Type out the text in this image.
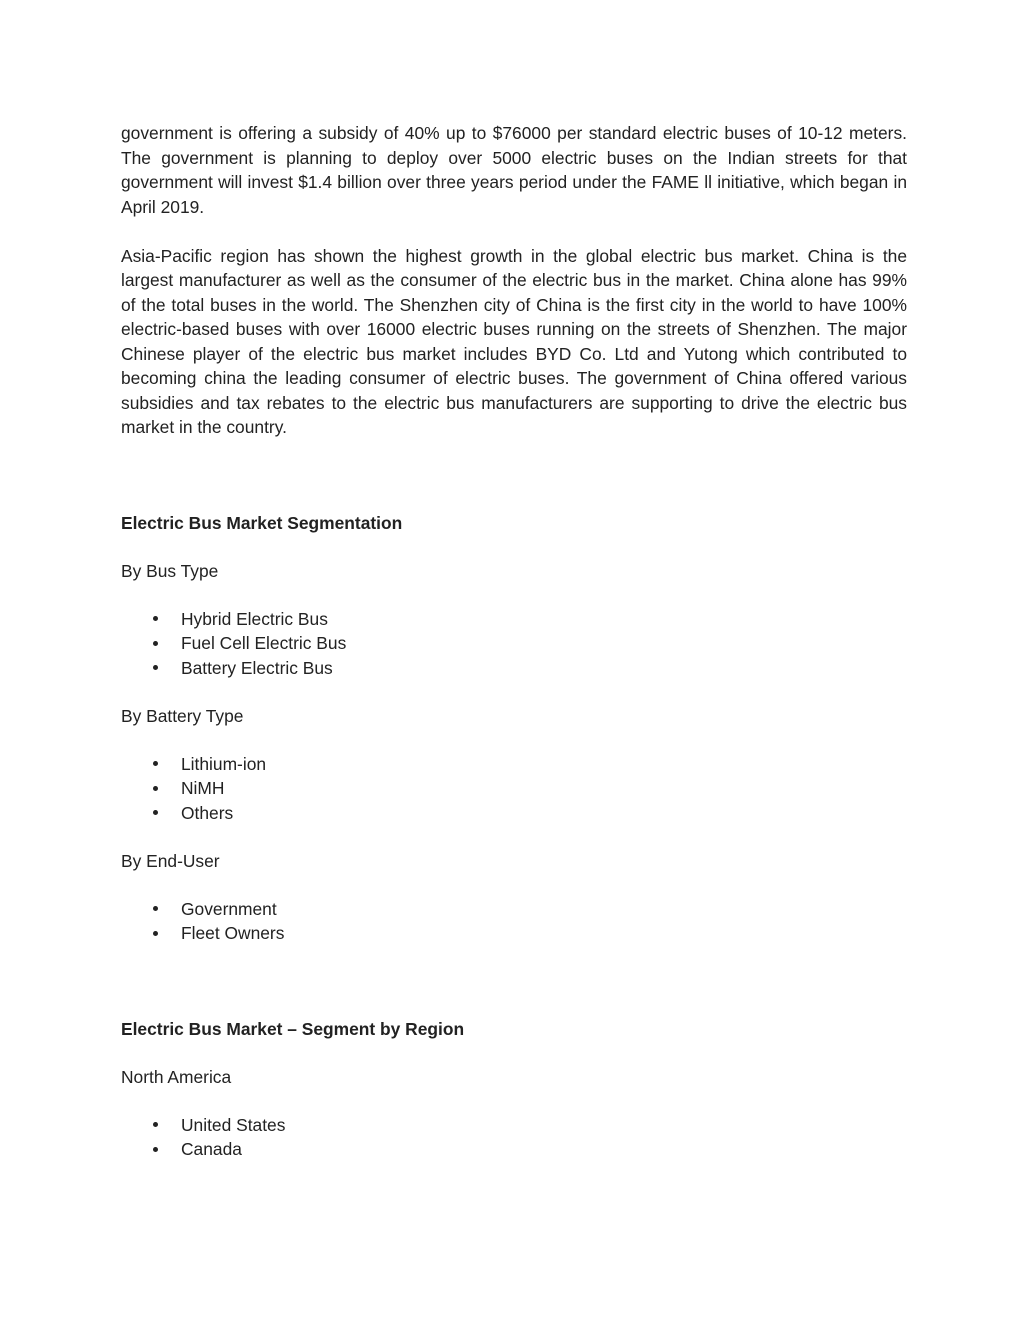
government is offering a subsidy of 40% up to $76000 per standard electric buses of 10-12 meters. The government is planning to deploy over 5000 electric buses on the Indian streets for that government will invest $1.4 billion over three years period under the FAME ll initiative, which began in April 2019.

Asia-Pacific region has shown the highest growth in the global electric bus market. China is the largest manufacturer as well as the consumer of the electric bus in the market. China alone has 99% of the total buses in the world. The Shenzhen city of China is the first city in the world to have 100% electric-based buses with over 16000 electric buses running on the streets of Shenzhen. The major Chinese player of the electric bus market includes BYD Co. Ltd and Yutong which contributed to becoming china the leading consumer of electric buses. The government of China offered various subsidies and tax rebates to the electric bus manufacturers are supporting to drive the electric bus market in the country.

Electric Bus Market Segmentation

By Bus Type

Hybrid Electric Bus
Fuel Cell Electric Bus
Battery Electric Bus

By Battery Type

Lithium-ion
NiMH
Others

By End-User

Government
Fleet Owners

Electric Bus Market – Segment by Region

North America

United States
Canada
